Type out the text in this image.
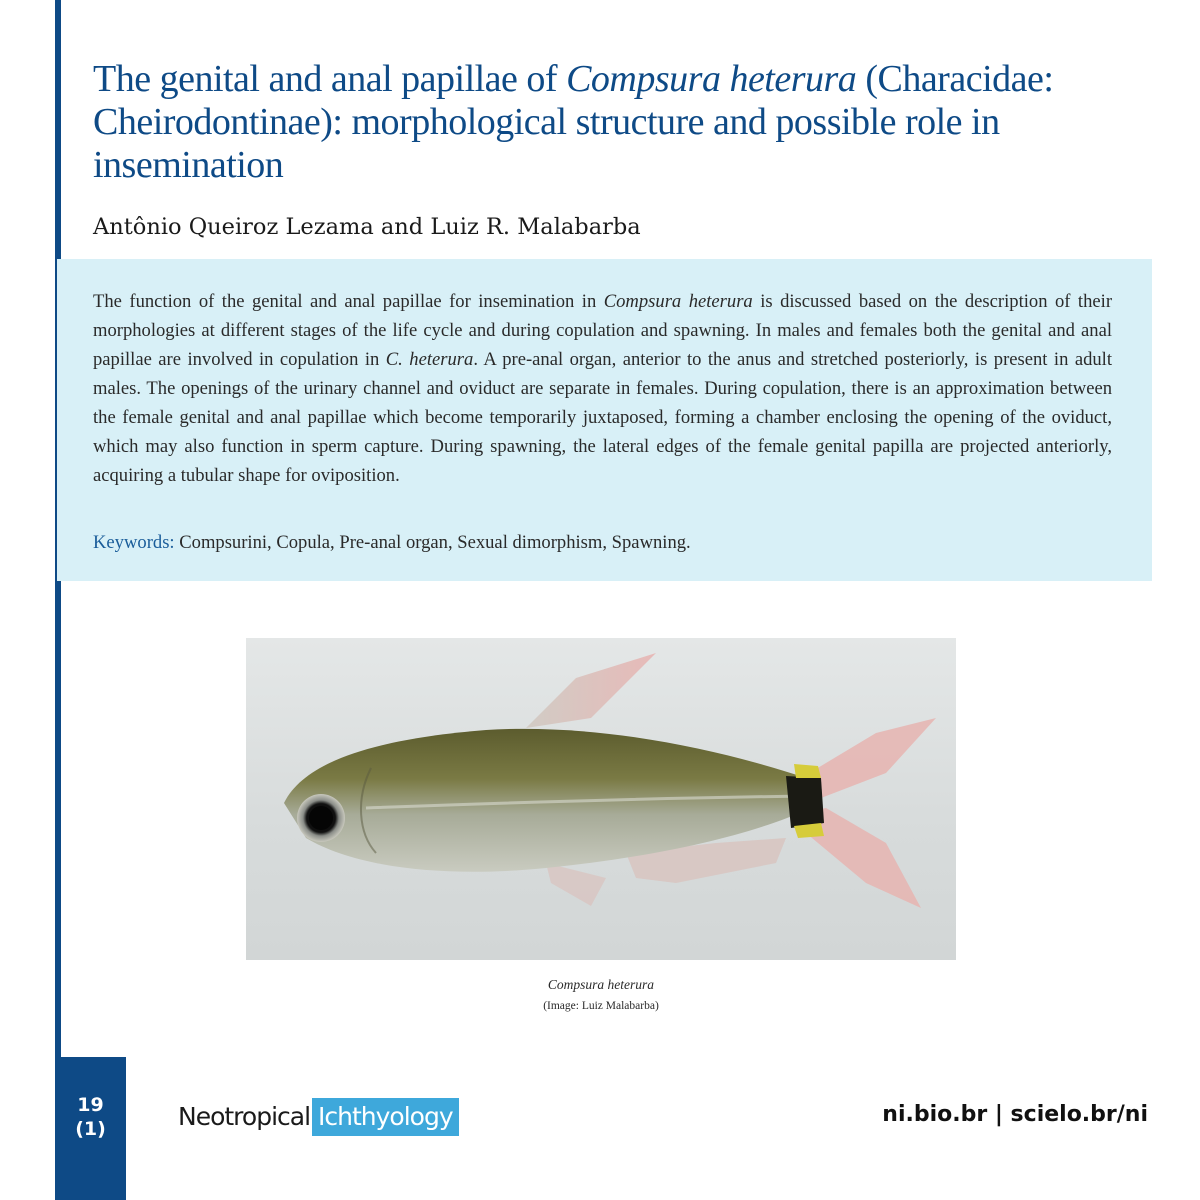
The genital and anal papillae of Compsura heterura (Characidae: Cheirodontinae): morphological structure and possible role in insemination
Antônio Queiroz Lezama and Luiz R. Malabarba

The function of the genital and anal papillae for insemination in Compsura heterura is discussed based on the description of their morphologies at different stages of the life cycle and during copulation and spawning. In males and females both the genital and anal papillae are involved in copulation in C. heterura. A pre-anal organ, anterior to the anus and stretched posteriorly, is present in adult males. The openings of the urinary channel and oviduct are separate in females. During copulation, there is an approximation between the female genital and anal papillae which become temporarily juxtaposed, forming a chamber enclosing the opening of the oviduct, which may also function in sperm capture. During spawning, the lateral edges of the female genital papilla are projected anteriorly, acquiring a tubular shape for oviposition.

Keywords: Compsurini, Copula, Pre-anal organ, Sexual dimorphism, Spawning.
Compsura heterura
(Image: Luiz Malabarba)
19
(1)	Neotropical Ichthyology	ni.bio.br | scielo.br/ni
